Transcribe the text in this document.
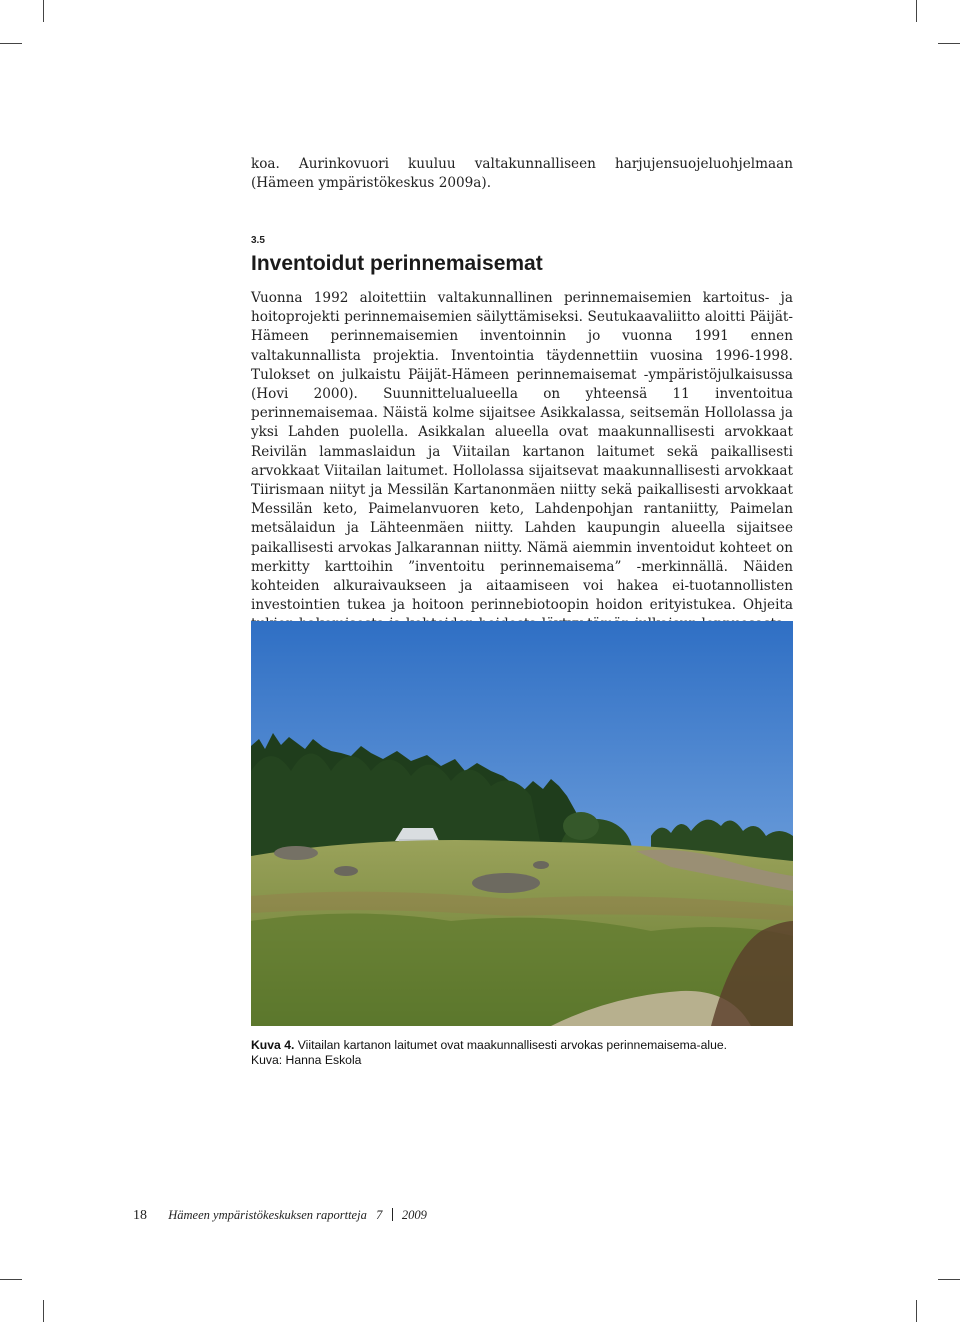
koa. Aurinkovuori kuuluu valtakunnalliseen harjujensuojeluohjelmaan (Hämeen ympäristökeskus 2009a).

3.5
Inventoidut perinnemaisemat

Vuonna 1992 aloitettiin valtakunnallinen perinnemaisemien kartoitus- ja hoitoprojekti perinnemaisemien säilyttämiseksi. Seutukaavaliitto aloitti Päijät-Hämeen perinnemaisemien inventoinnin jo vuonna 1991 ennen valtakunnallista projektia. Inventointia täydennettiin vuosina 1996-1998. Tulokset on julkaistu Päijät-Hämeen perinnemaisemat -ympäristöjulkaisussa (Hovi 2000). Suunnittelualueella on yhteensä 11 inventoitua perinnemaisemaa. Näistä kolme sijaitsee Asikkalassa, seitsemän Hollolassa ja yksi Lahden puolella. Asikkalan alueella ovat maakunnallisesti arvokkaat Reivilän lammaslaidun ja Viitailan kartanon laitumet sekä paikallisesti arvokkaat Viitailan laitumet. Hollolassa sijaitsevat maakunnallisesti arvokkaat Tiirismaan niityt ja Messilän Kartanonmäen niitty sekä paikallisesti arvokkaat Messilän keto, Paimelanvuoren keto, Lahdenpohjan rantaniitty, Paimelan metsälaidun ja Lähteenmäen niitty. Lahden kaupungin alueella sijaitsee paikallisesti arvokas Jalkarannan niitty. Nämä aiemmin inventoidut kohteet on merkitty karttoihin ”inventoitu perinnemaisema” -merkinnällä. Näiden kohteiden alkuraivaukseen ja aitaamiseen voi hakea ei-tuotannollisten investointien tukea ja hoitoon perinnebiotoopin hoidon erityistukea. Ohjeita

Kuva 4. Viitailan kartanon laitumet ovat maakunnallisesti arvokas perinnemaisema-alue.
Kuva: Hanna Eskola
18 Hämeen ympäristökeskuksen raportteja 7 2009
